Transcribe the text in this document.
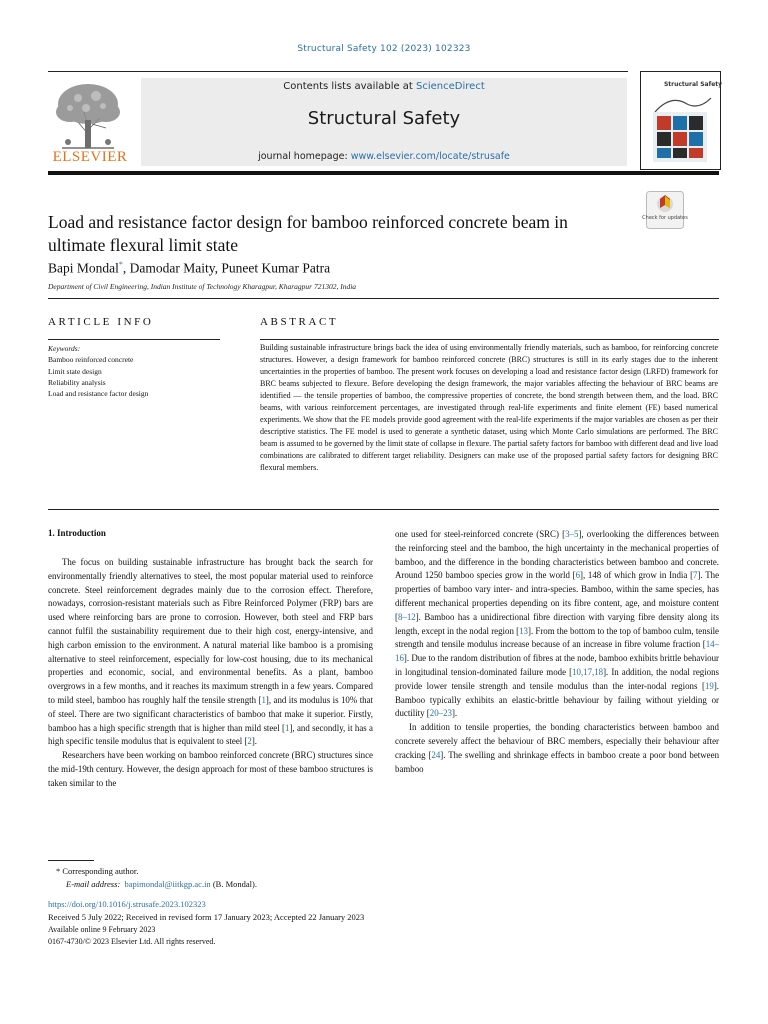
Structural Safety 102 (2023) 102323
ELSEVIER
Contents lists available at ScienceDirect
Structural Safety
journal homepage: www.elsevier.com/locate/strusafe
Structural Safety
Check for updates
Load and resistance factor design for bamboo reinforced concrete beam in ultimate flexural limit state
Bapi Mondal*, Damodar Maity, Puneet Kumar Patra
Department of Civil Engineering, Indian Institute of Technology Kharagpur, Kharagpur 721302, India
ARTICLE INFO	ABSTRACT
Keywords:
Bamboo reinforced concrete
Limit state design
Reliability analysis
Load and resistance factor design
Building sustainable infrastructure brings back the idea of using environmentally friendly materials, such as bamboo, for reinforcing concrete structures. However, a design framework for bamboo reinforced concrete (BRC) structures is still in its early stages due to the inherent uncertainties in the properties of bamboo. The present work focuses on developing a load and resistance factor design (LRFD) framework for BRC beams subjected to flexure. Before developing the design framework, the major variables affecting the behaviour of BRC beams are identified — the tensile properties of bamboo, the compressive properties of concrete, the bond strength between them, and the load. BRC beams, with various reinforcement percentages, are investigated through real-life experiments and finite element (FE) based numerical experiments. We show that the FE models provide good agreement with the real-life experiments if the major variables are chosen as per their descriptive statistics. The FE model is used to generate a synthetic dataset, using which Monte Carlo simulations are performed. The BRC beam is assumed to be governed by the limit state of collapse in flexure. The partial safety factors for bamboo with different dead and live load combinations are calibrated to different target reliability. Designers can make use of the proposed partial safety factors for designing BRC flexural members.
1. Introduction

The focus on building sustainable infrastructure has brought back the search for environmentally friendly alternatives to steel, the most popular material used to reinforce concrete. Steel reinforcement degrades mainly due to the corrosion effect. Therefore, nowadays, corrosion-resistant materials such as Fibre Reinforced Polymer (FRP) bars are used where reinforcing bars are prone to corrosion. However, both steel and FRP bars cannot fulfil the sustainability requirement due to their high cost, energy-intensive, and high carbon emission to the environment. A natural material like bamboo is a promising alternative to steel reinforcement, especially for low-cost housing, due to its mechanical properties and economic, social, and environmental benefits. As a plant, bamboo overgrows in a few months, and it reaches its maximum strength in a few years. Compared to mild steel, bamboo has roughly half the tensile strength [1], and its modulus is 10% that of steel. There are two significant characteristics of bamboo that make it superior. Firstly, bamboo has a high specific strength that is higher than mild steel [1], and secondly, it has a high specific tensile modulus that is equivalent to steel [2].

Researchers have been working on bamboo reinforced concrete (BRC) structures since the mid-19th century. However, the design approach for most of these bamboo structures is taken similar to the

one used for steel-reinforced concrete (SRC) [3–5], overlooking the differences between the reinforcing steel and the bamboo, the high uncertainty in the mechanical properties of bamboo, and the difference in the bonding characteristics between bamboo and concrete. Around 1250 bamboo species grow in the world [6], 148 of which grow in India [7]. The properties of bamboo vary inter- and intra-species. Bamboo, within the same species, has different mechanical properties depending on its fibre content, age, and moisture content [8–12]. Bamboo has a unidirectional fibre direction with varying fibre density along its length, except in the nodal region [13]. From the bottom to the top of bamboo culm, tensile strength and tensile modulus increase because of an increase in fibre volume fraction [14–16]. Due to the random distribution of fibres at the node, bamboo exhibits brittle behaviour in longitudinal tension-dominated failure mode [10,17,18]. In addition, the nodal regions provide lower tensile strength and tensile modulus than the inter-nodal regions [19]. Bamboo typically exhibits an elastic-brittle behaviour by failing without yielding or ductility [20–23].

In addition to tensile properties, the bonding characteristics between bamboo and concrete severely affect the behaviour of BRC members, especially their behaviour after cracking [24]. The swelling and shrinkage effects in bamboo create a poor bond between bamboo

* Corresponding author.
E-mail address: bapimondal@iitkgp.ac.in (B. Mondal).
https://doi.org/10.1016/j.strusafe.2023.102323
Received 5 July 2022; Received in revised form 17 January 2023; Accepted 22 January 2023
Available online 9 February 2023
0167-4730/© 2023 Elsevier Ltd. All rights reserved.
